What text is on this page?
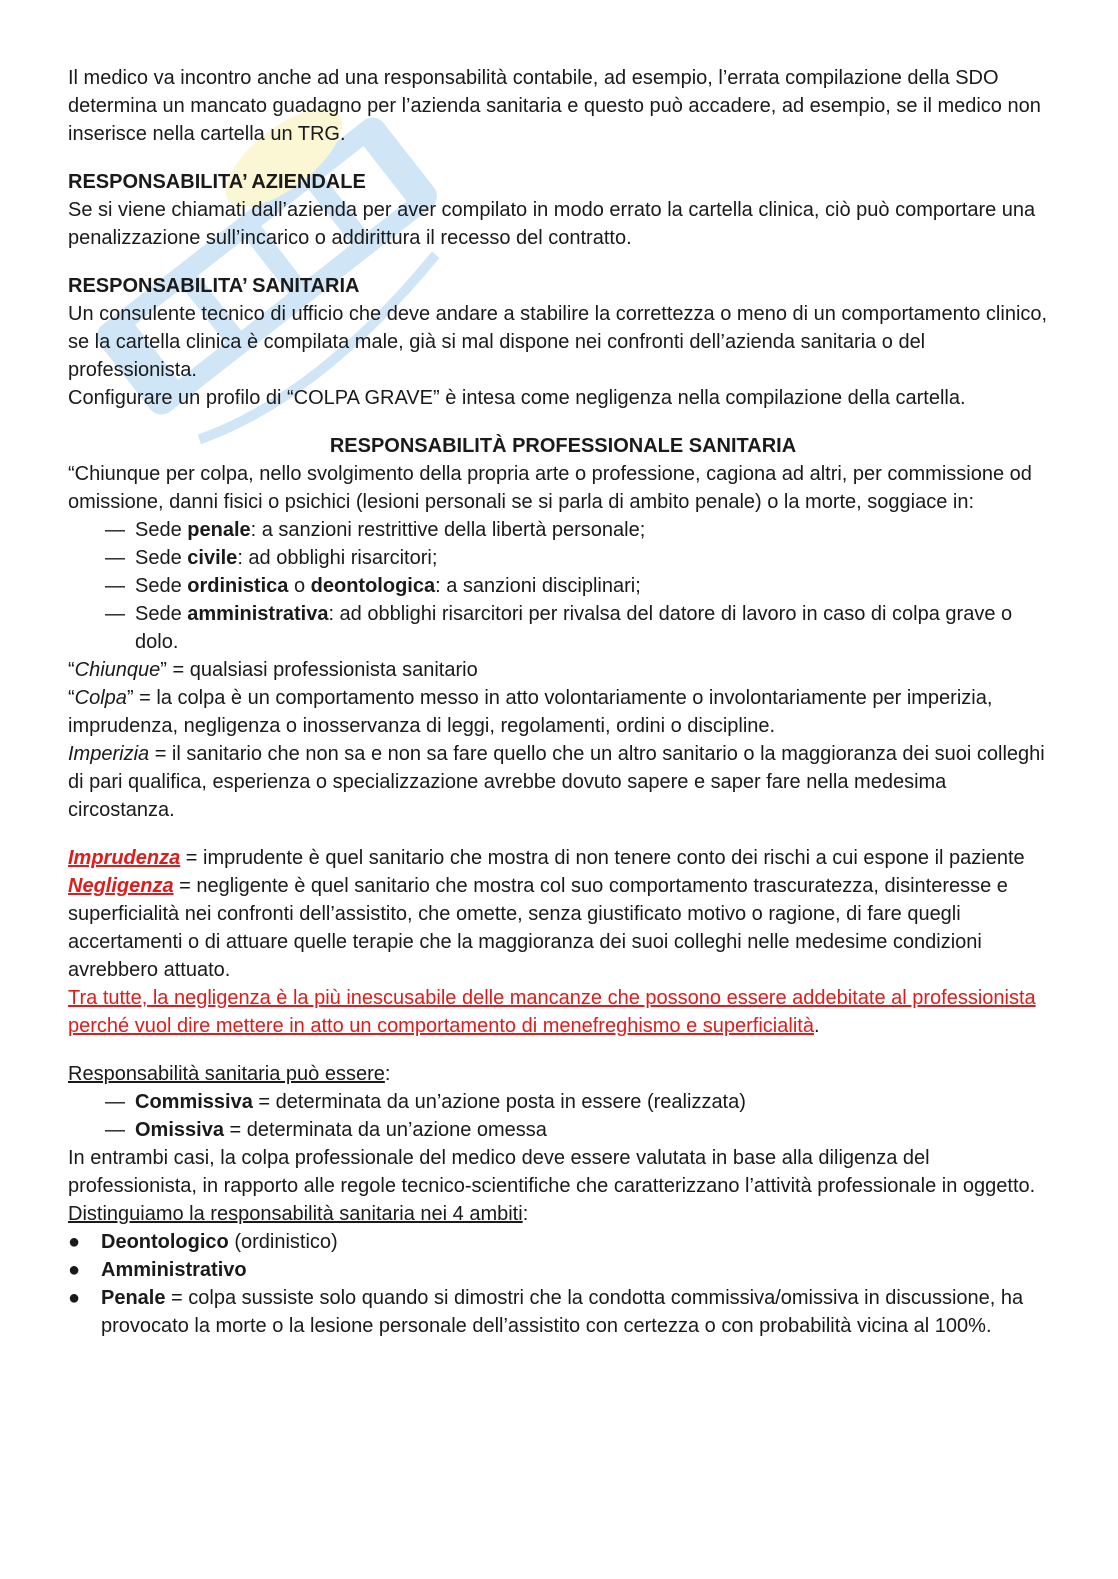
Il medico va incontro anche ad una responsabilità contabile, ad esempio, l’errata compilazione della SDO determina un mancato guadagno per l’azienda sanitaria e questo può accadere, ad esempio, se il medico non inserisce nella cartella un TRG.

RESPONSABILITA’ AZIENDALE

Se si viene chiamati dall’azienda per aver compilato in modo errato la cartella clinica, ciò può comportare una penalizzazione sull’incarico o addirittura il recesso del contratto.

RESPONSABILITA’ SANITARIA

Un consulente tecnico di ufficio che deve andare a stabilire la correttezza o meno di un comportamento clinico, se la cartella clinica è compilata male, già si mal dispone nei confronti dell’azienda sanitaria o del professionista.

Configurare un profilo di “COLPA GRAVE” è intesa come negligenza nella compilazione della cartella.

RESPONSABILITÀ PROFESSIONALE SANITARIA

“Chiunque per colpa, nello svolgimento della propria arte o professione, cagiona ad altri, per commissione od omissione, danni fisici o psichici (lesioni personali se si parla di ambito penale) o la morte, soggiace in:

— Sede penale: a sanzioni restrittive della libertà personale;
— Sede civile: ad obblighi risarcitori;
— Sede ordinistica o deontologica: a sanzioni disciplinari;
— Sede amministrativa: ad obblighi risarcitori per rivalsa del datore di lavoro in caso di colpa grave o dolo.

“Chiunque” = qualsiasi professionista sanitario

“Colpa” = la colpa è un comportamento messo in atto volontariamente o involontariamente per imperizia, imprudenza, negligenza o inosservanza di leggi, regolamenti, ordini o discipline.

Imperizia = il sanitario che non sa e non sa fare quello che un altro sanitario o la maggioranza dei suoi colleghi di pari qualifica, esperienza o specializzazione avrebbe dovuto sapere e saper fare nella medesima circostanza.

Imprudenza = imprudente è quel sanitario che mostra di non tenere conto dei rischi a cui espone il paziente

Negligenza = negligente è quel sanitario che mostra col suo comportamento trascuratezza, disinteresse e superficialità nei confronti dell’assistito, che omette, senza giustificato motivo o ragione, di fare quegli accertamenti o di attuare quelle terapie che la maggioranza dei suoi colleghi nelle medesime condizioni avrebbero attuato.

Tra tutte, la negligenza è la più inescusabile delle mancanze che possono essere addebitate al professionista perché vuol dire mettere in atto un comportamento di menefreghismo e superficialità.

Responsabilità sanitaria può essere:

— Commissiva = determinata da un’azione posta in essere (realizzata)
— Omissiva = determinata da un’azione omessa

In entrambi casi, la colpa professionale del medico deve essere valutata in base alla diligenza del professionista, in rapporto alle regole tecnico-scientifiche che caratterizzano l’attività professionale in oggetto.

Distinguiamo la responsabilità sanitaria nei 4 ambiti:

● Deontologico (ordinistico)
● Amministrativo
● Penale = colpa sussiste solo quando si dimostri che la condotta commissiva/omissiva in discussione, ha provocato la morte o la lesione personale dell’assistito con certezza o con probabilità vicina al 100%.
